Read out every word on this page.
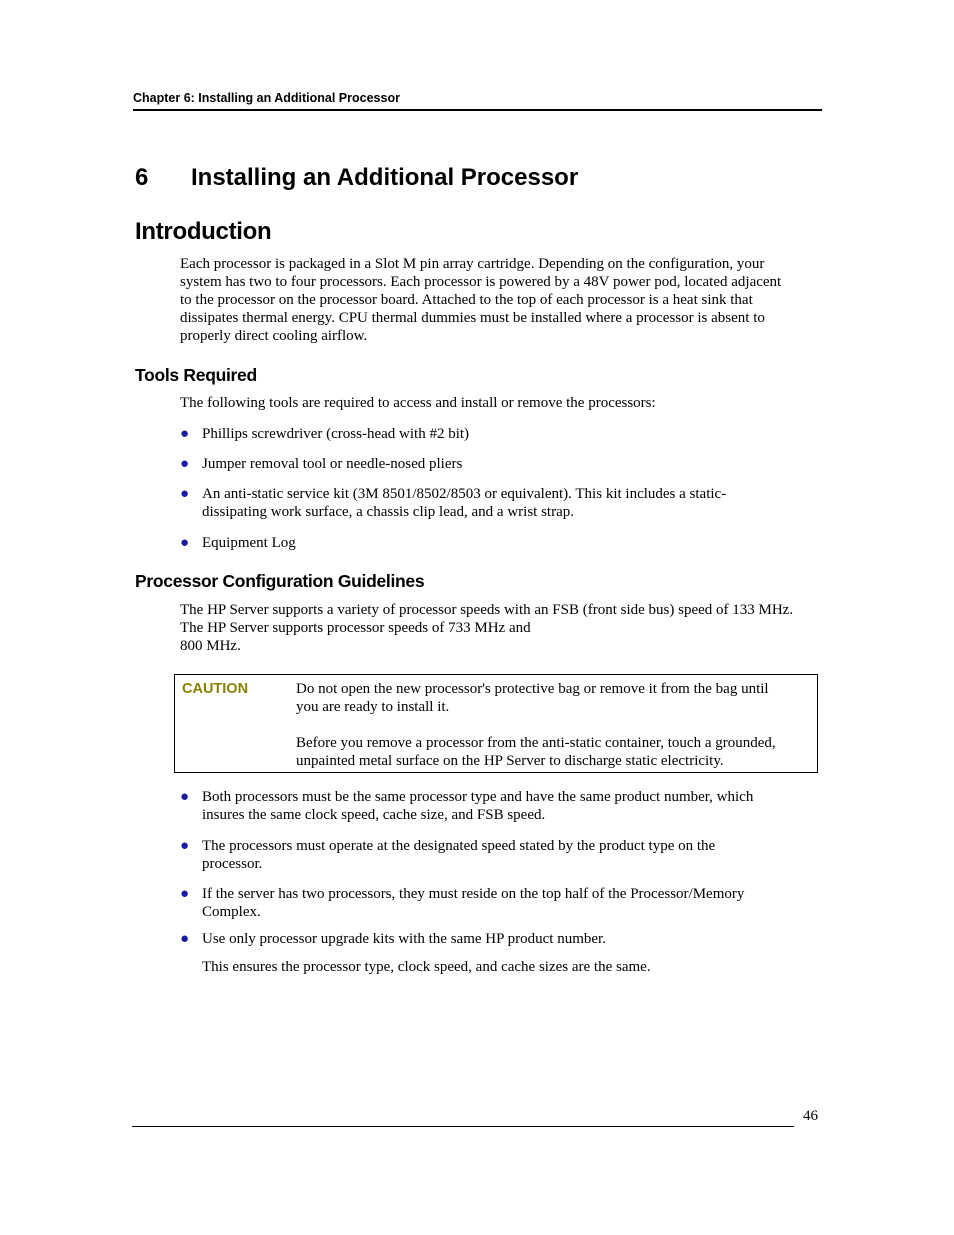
Chapter 6: Installing an Additional Processor
6 Installing an Additional Processor
Introduction

Each processor is packaged in a Slot M pin array cartridge. Depending on the configuration, your
system has two to four processors. Each processor is powered by a 48V power pod, located adjacent
to the processor on the processor board. Attached to the top of each processor is a heat sink that
dissipates thermal energy. CPU thermal dummies must be installed where a processor is absent to
properly direct cooling airflow.

Tools Required

The following tools are required to access and install or remove the processors:

● Phillips screwdriver (cross-head with #2 bit)
● Jumper removal tool or needle-nosed pliers
● An anti-static service kit (3M 8501/8502/8503 or equivalent). This kit includes a static-
dissipating work surface, a chassis clip lead, and a wrist strap.
● Equipment Log
Processor Configuration Guidelines

The HP Server supports a variety of processor speeds with an FSB (front side bus) speed of 133 MHz.
The HP Server supports processor speeds of 733 MHz and
800 MHz.

CAUTION	Do not open the new processor's protective bag or remove it from the bag until
you are ready to install it.
Before you remove a processor from the anti-static container, touch a grounded,
unpainted metal surface on the HP Server to discharge static electricity.
● Both processors must be the same processor type and have the same product number, which
insures the same clock speed, cache size, and FSB speed.
● The processors must operate at the designated speed stated by the product type on the
processor.
● If the server has two processors, they must reside on the top half of the Processor/Memory
Complex.
● Use only processor upgrade kits with the same HP product number.

This ensures the processor type, clock speed, and cache sizes are the same.

46
